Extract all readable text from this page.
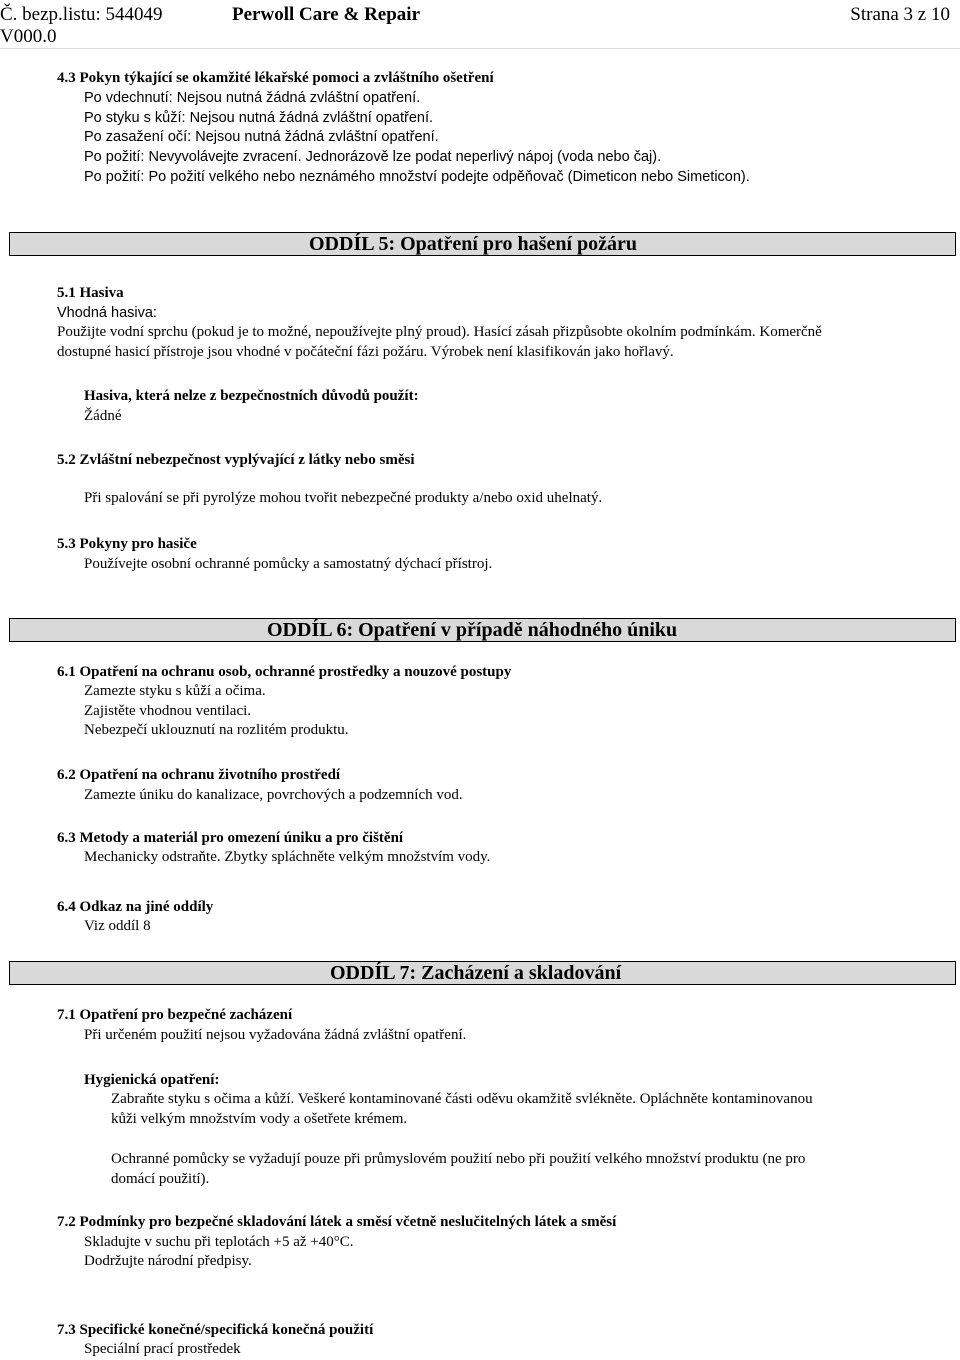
Č. bezp.listu: 544049
V000.0
Perwoll Care & Repair	Strana 3 z 10
4.3 Pokyn týkající se okamžité lékařské pomoci a zvláštního ošetření
Po vdechnutí: Nejsou nutná žádná zvláštní opatření.
Po styku s kůží: Nejsou nutná žádná zvláštní opatření.
Po zasažení očí: Nejsou nutná žádná zvláštní opatření.
Po požití: Nevyvolávejte zvracení. Jednorázově lze podat neperlivý nápoj (voda nebo čaj).
Po požití: Po požití velkého nebo neznámého množství podejte odpěňovač (Dimeticon nebo Simeticon).
ODDÍL 5: Opatření pro hašení požáru
5.1 Hasiva
Vhodná hasiva:
Použijte vodní sprchu (pokud je to možné, nepoužívejte plný proud). Hasící zásah přizpůsobte okolním podmínkám. Komerčně
dostupné hasicí přístroje jsou vhodné v počáteční fázi požáru. Výrobek není klasifikován jako hořlavý.
Hasiva, která nelze z bezpečnostních důvodů použít:
Žádné
5.2 Zvláštní nebezpečnost vyplývající z látky nebo směsi
Při spalování se při pyrolýze mohou tvořit nebezpečné produkty a/nebo oxid uhelnatý.
5.3 Pokyny pro hasiče
Používejte osobní ochranné pomůcky a samostatný dýchací přístroj.
ODDÍL 6: Opatření v případě náhodného úniku
6.1 Opatření na ochranu osob, ochranné prostředky a nouzové postupy
Zamezte styku s kůží a očima.
Zajistěte vhodnou ventilaci.
Nebezpečí uklouznutí na rozlitém produktu.
6.2 Opatření na ochranu životního prostředí
Zamezte úniku do kanalizace, povrchových a podzemních vod.
6.3 Metody a materiál pro omezení úniku a pro čištění
Mechanicky odstraňte. Zbytky spláchněte velkým množstvím vody.
6.4 Odkaz na jiné oddíly
Viz oddíl 8
ODDÍL 7: Zacházení a skladování
7.1 Opatření pro bezpečné zacházení
Při určeném použití nejsou vyžadována žádná zvláštní opatření.
Hygienická opatření:
Zabraňte styku s očima a kůží. Veškeré kontaminované části oděvu okamžitě svlékněte. Opláchněte kontaminovanou
kůži velkým množstvím vody a ošetřete krémem.
Ochranné pomůcky se vyžadují pouze při průmyslovém použití nebo při použití velkého množství produktu (ne pro
domácí použití).
7.2 Podmínky pro bezpečné skladování látek a směsí včetně neslučitelných látek a směsí
Skladujte v suchu při teplotách +5 až +40°C.
Dodržujte národní předpisy.
7.3 Specifické konečné/specifická konečná použití
Speciální prací prostředek
